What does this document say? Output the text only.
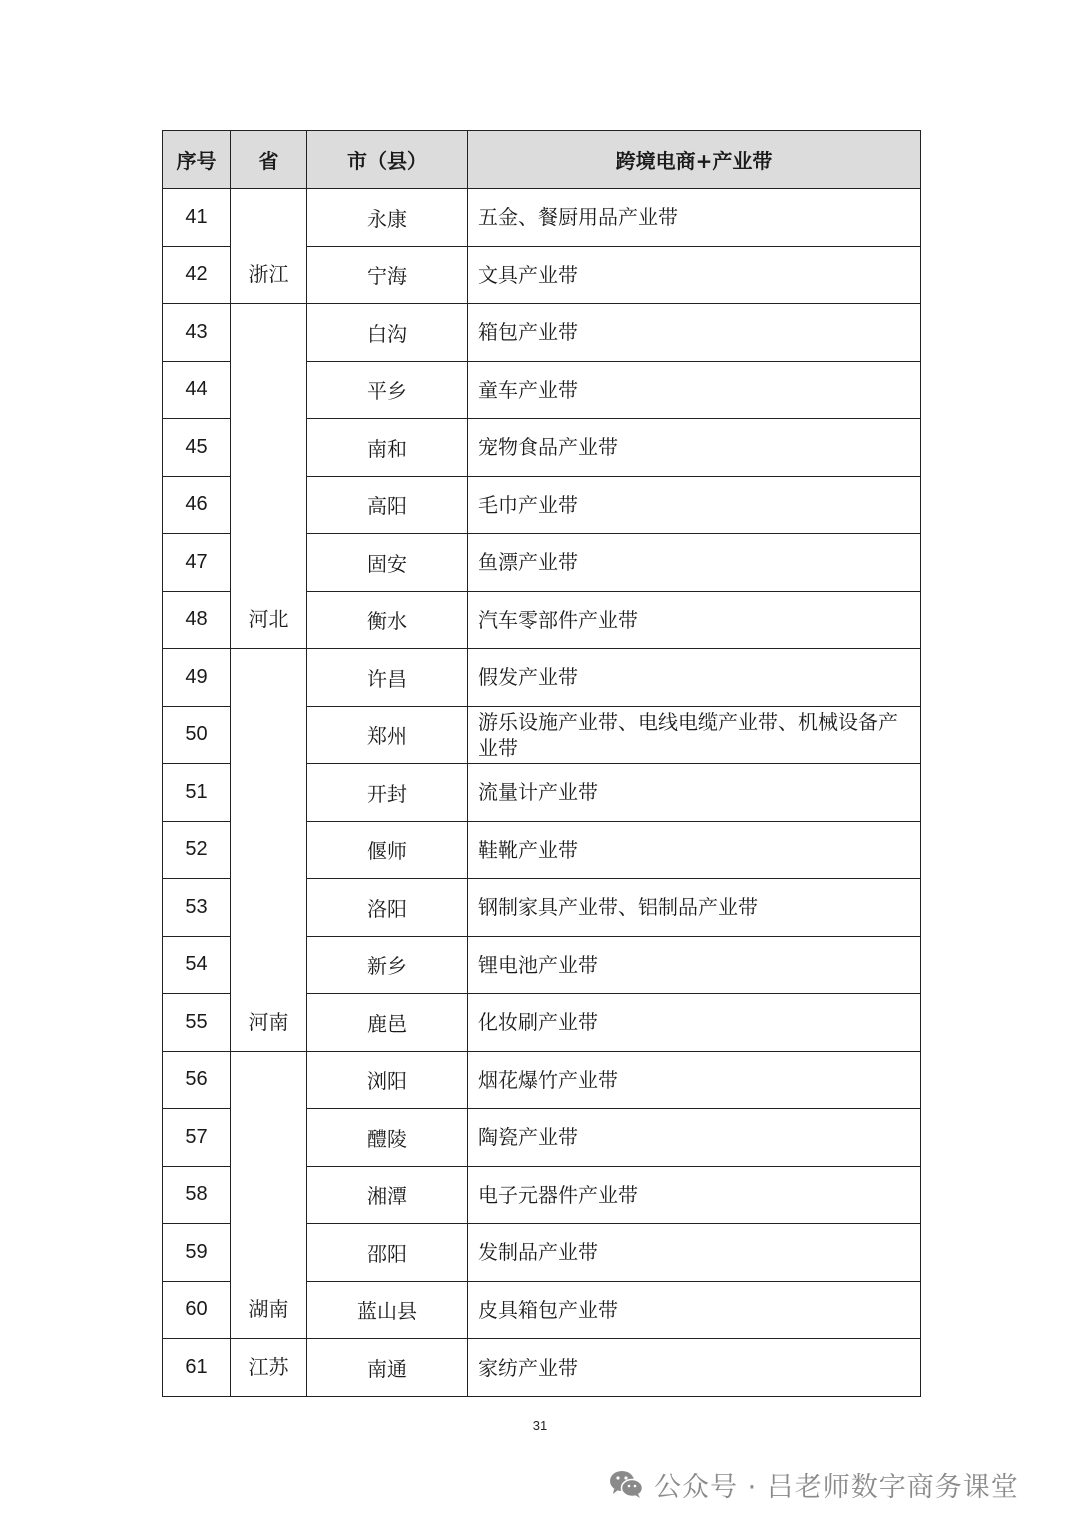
序号	省	市（县）	跨境电商+产业带
41	浙江	永康	五金、餐厨用品产业带
42		宁海	文具产业带
43	河北	白沟	箱包产业带
44		平乡	童车产业带
45		南和	宠物食品产业带
46		高阳	毛巾产业带
47		固安	鱼漂产业带
48		衡水	汽车零部件产业带
49	河南	许昌	假发产业带
50		郑州	游乐设施产业带、电线电缆产业带、机械设备产业带
51		开封	流量计产业带
52		偃师	鞋靴产业带
53		洛阳	钢制家具产业带、铝制品产业带
54		新乡	锂电池产业带
55		鹿邑	化妆刷产业带
56	湖南	浏阳	烟花爆竹产业带
57		醴陵	陶瓷产业带
58		湘潭	电子元器件产业带
59		邵阳	发制品产业带
60		蓝山县	皮具箱包产业带
61	江苏	南通	家纺产业带
31
公众号 · 吕老师数字商务课堂
